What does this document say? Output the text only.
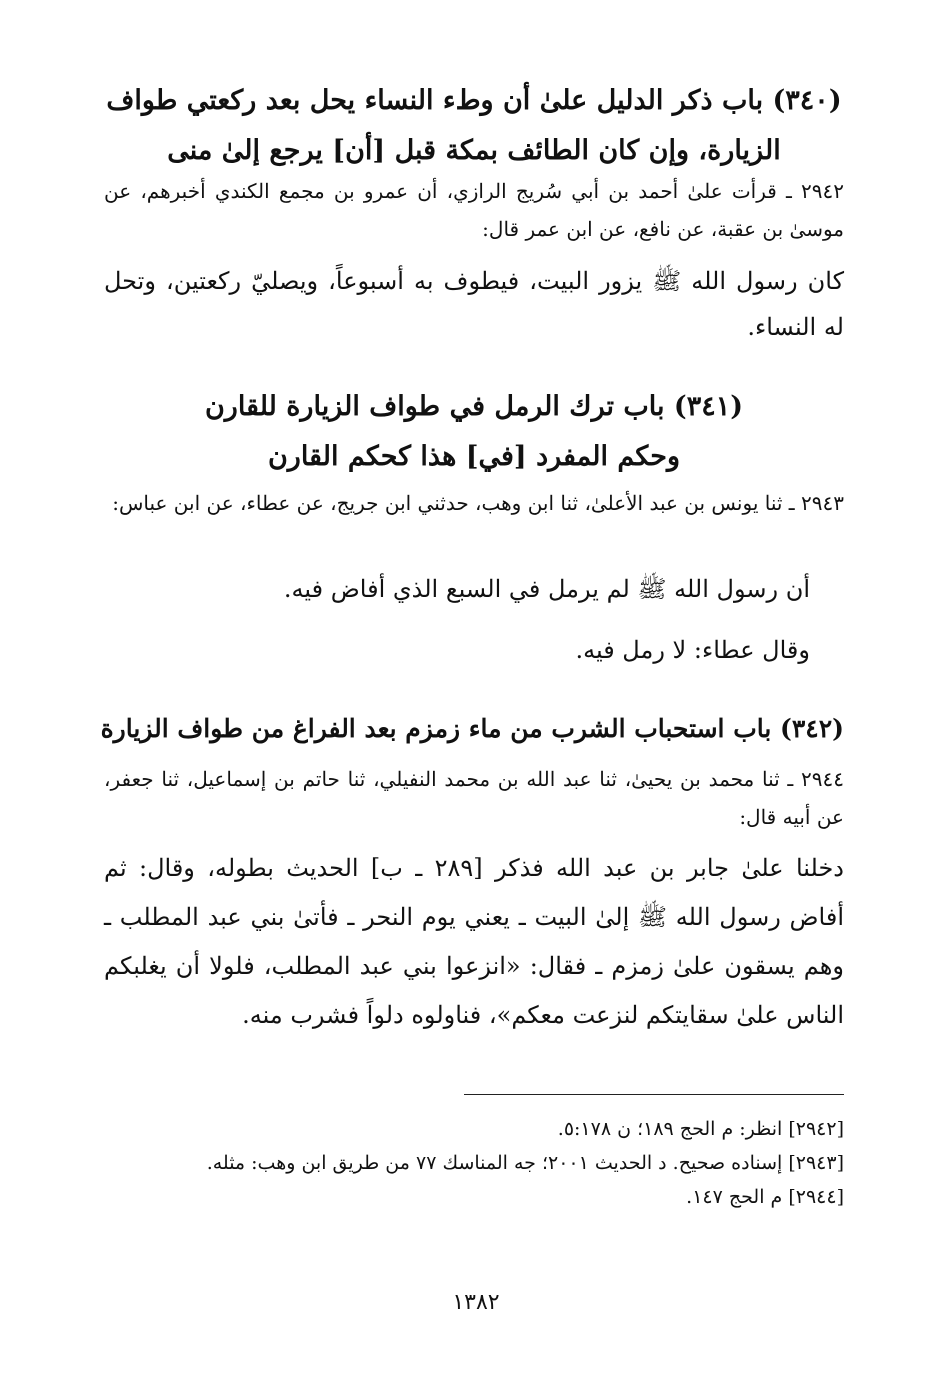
(٣٤٠) باب ذكر الدليل علىٰ أن وطء النساء يحل بعد ركعتي طواف
الزيارة، وإن كان الطائف بمكة قبل [أن] يرجع إلىٰ منى

٢٩٤٢ ـ قرأت علىٰ أحمد بن أبي سُريج الرازي، أن عمرو بن مجمع الكندي أخبرهم، عن موسىٰ بن عقبة، عن نافع، عن ابن عمر قال:

كان رسول الله ﷺ يزور البيت، فيطوف به أسبوعاً، ويصليّ ركعتين، وتحل له النساء.

(٣٤١) باب ترك الرمل في طواف الزيارة للقارن
وحكم المفرد [في] هذا كحكم القارن

٢٩٤٣ ـ ثنا يونس بن عبد الأعلىٰ، ثنا ابن وهب، حدثني ابن جريج، عن عطاء، عن ابن عباس:

أن رسول الله ﷺ لم يرمل في السبع الذي أفاض فيه.

وقال عطاء: لا رمل فيه.

(٣٤٢) باب استحباب الشرب من ماء زمزم بعد الفراغ من طواف الزيارة

٢٩٤٤ ـ ثنا محمد بن يحيىٰ، ثنا عبد الله بن محمد النفيلي، ثنا حاتم بن إسماعيل، ثنا جعفر، عن أبيه قال:

دخلنا علىٰ جابر بن عبد الله فذكر [٢٨٩ ـ ب] الحديث بطوله، وقال: ثم أفاض رسول الله ﷺ إلىٰ البيت ـ يعني يوم النحر ـ فأتىٰ بني عبد المطلب ـ وهم يسقون علىٰ زمزم ـ فقال: «انزعوا بني عبد المطلب، فلولا أن يغلبكم الناس علىٰ سقايتكم لنزعت معكم»، فناولوه دلواً فشرب منه.

[٢٩٤٢] انظر: م الحج ١٨٩؛ ن ٥:١٧٨.
[٢٩٤٣] إسناده صحيح. د الحديث ٢٠٠١؛ جه المناسك ٧٧ من طريق ابن وهب: مثله.
[٢٩٤٤] م الحج ١٤٧.
١٣٨٢
